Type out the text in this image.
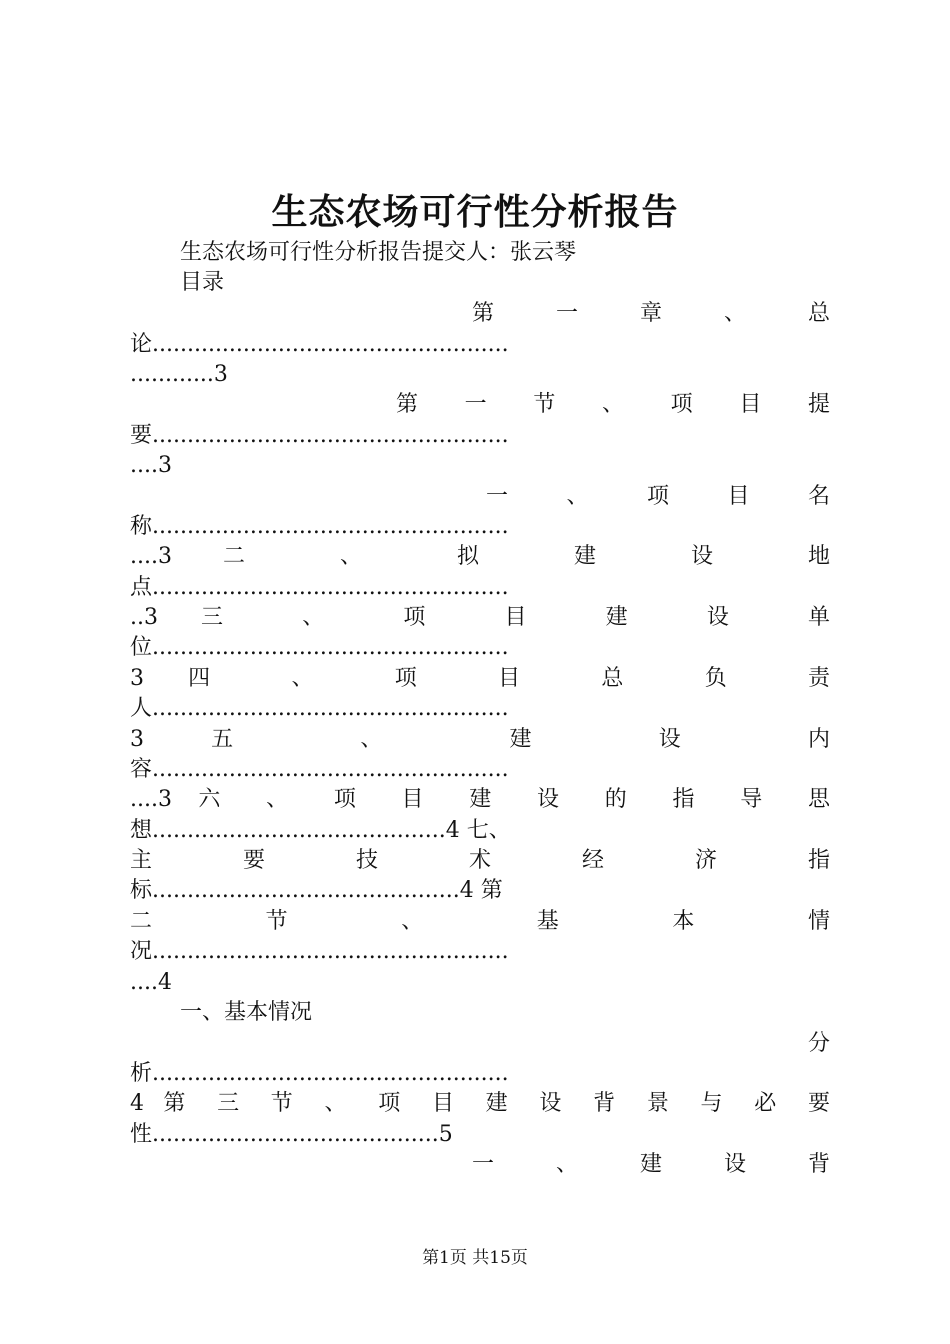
生态农场可行性分析报告
生态农场可行性分析报告提交人：张云琴
目录
第 一 章 、 总
论...................................................
............3
第 一 节 、 项 目 提
要...................................................
....3
一 、 项 目 名
称...................................................
....3 二 、 拟 建 设 地
点...................................................
..3 三 、 项 目 建 设 单
位...................................................
3 四 、 项 目 总 负 责
人...................................................
3 五 、 建 设 内
容...................................................
....3 六 、 项 目 建 设 的 指 导 思
想..........................................4 七、
主 要 技 术 经 济 指
标............................................4 第
二 节 、 基 本 情
况...................................................
....4
一、基本情况
分
析...................................................
4 第 三 节 、 项 目 建 设 背 景 与 必 要
性.........................................5
一 、 建 设 背
第1页 共15页
